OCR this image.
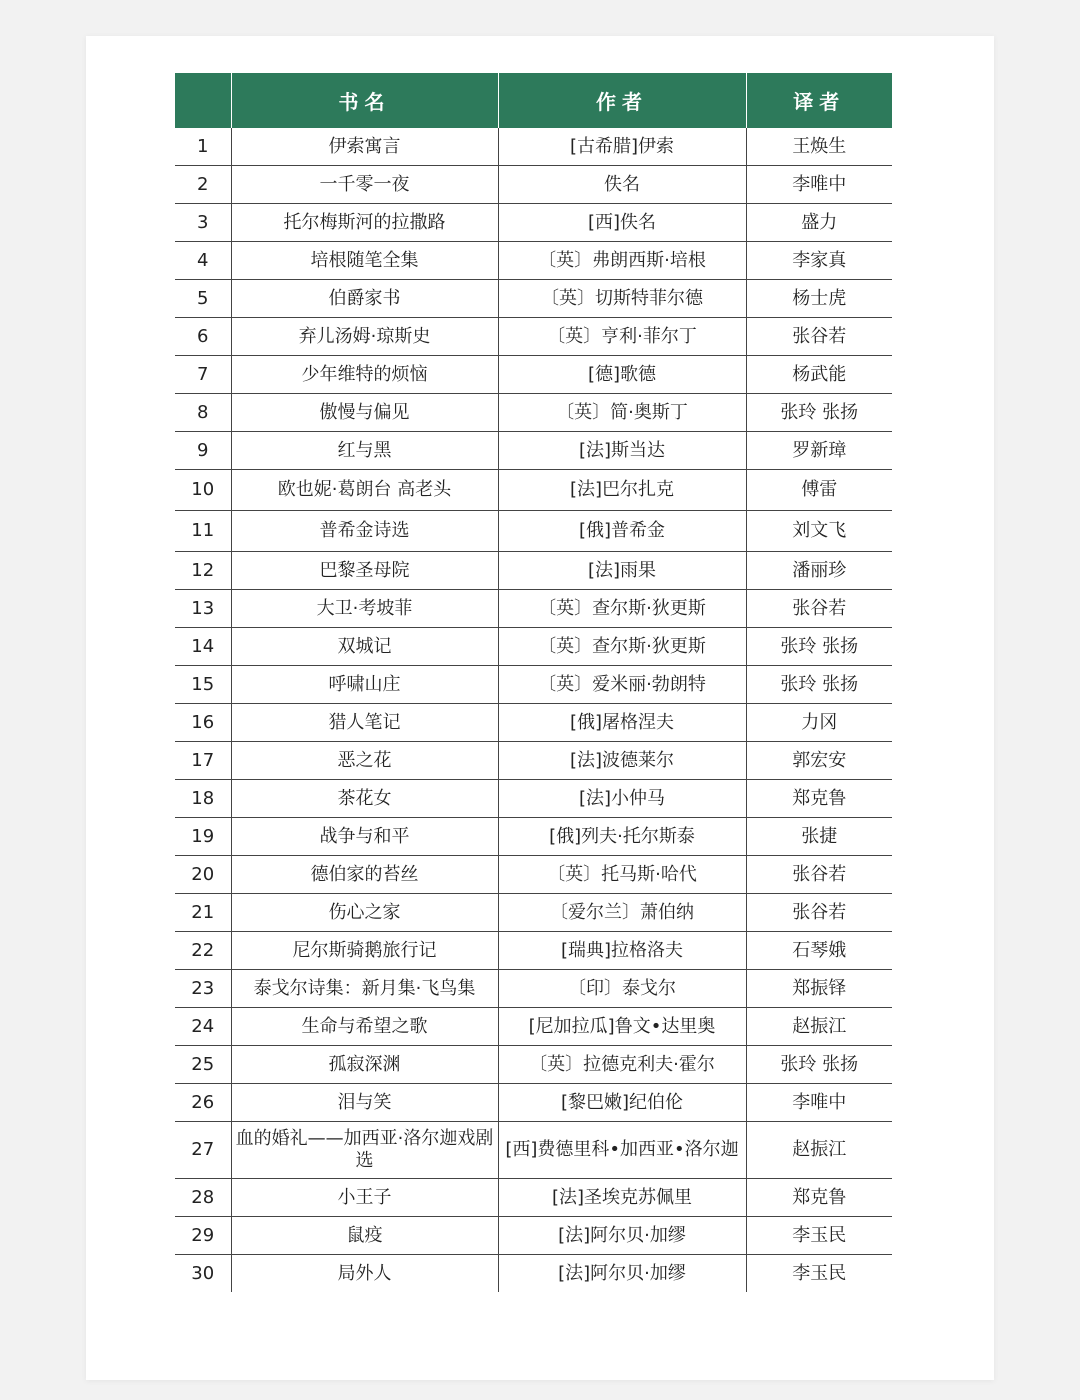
	书名	作者	译者
1	伊索寓言	[古希腊]伊索	王焕生
2	一千零一夜	佚名	李唯中
3	托尔梅斯河的拉撒路	[西]佚名	盛力
4	培根随笔全集	〔英〕弗朗西斯·培根	李家真
5	伯爵家书	〔英〕切斯特菲尔德	杨士虎
6	弃儿汤姆·琼斯史	〔英〕亨利·菲尔丁	张谷若
7	少年维特的烦恼	[德]歌德	杨武能
8	傲慢与偏见	〔英〕简·奥斯丁	张玲 张扬
9	红与黑	[法]斯当达	罗新璋
10	欧也妮·葛朗台 高老头	[法]巴尔扎克	傅雷
11	普希金诗选	[俄]普希金	刘文飞
12	巴黎圣母院	[法]雨果	潘丽珍
13	大卫·考坡菲	〔英〕查尔斯·狄更斯	张谷若
14	双城记	〔英〕查尔斯·狄更斯	张玲 张扬
15	呼啸山庄	〔英〕爱米丽·勃朗特	张玲 张扬
16	猎人笔记	[俄]屠格涅夫	力冈
17	恶之花	[法]波德莱尔	郭宏安
18	茶花女	[法]小仲马	郑克鲁
19	战争与和平	[俄]列夫·托尔斯泰	张捷
20	德伯家的苔丝	〔英〕托马斯·哈代	张谷若
21	伤心之家	〔爱尔兰〕萧伯纳	张谷若
22	尼尔斯骑鹅旅行记	[瑞典]拉格洛夫	石琴娥
23	泰戈尔诗集：新月集·飞鸟集	〔印〕泰戈尔	郑振铎
24	生命与希望之歌	[尼加拉瓜]鲁文•达里奥	赵振江
25	孤寂深渊	〔英〕拉德克利夫·霍尔	张玲 张扬
26	泪与笑	[黎巴嫩]纪伯伦	李唯中
27	血的婚礼——加西亚·洛尔迦戏剧选	[西]费德里科•加西亚•洛尔迦	赵振江
28	小王子	[法]圣埃克苏佩里	郑克鲁
29	鼠疫	[法]阿尔贝·加缪	李玉民
30	局外人	[法]阿尔贝·加缪	李玉民
